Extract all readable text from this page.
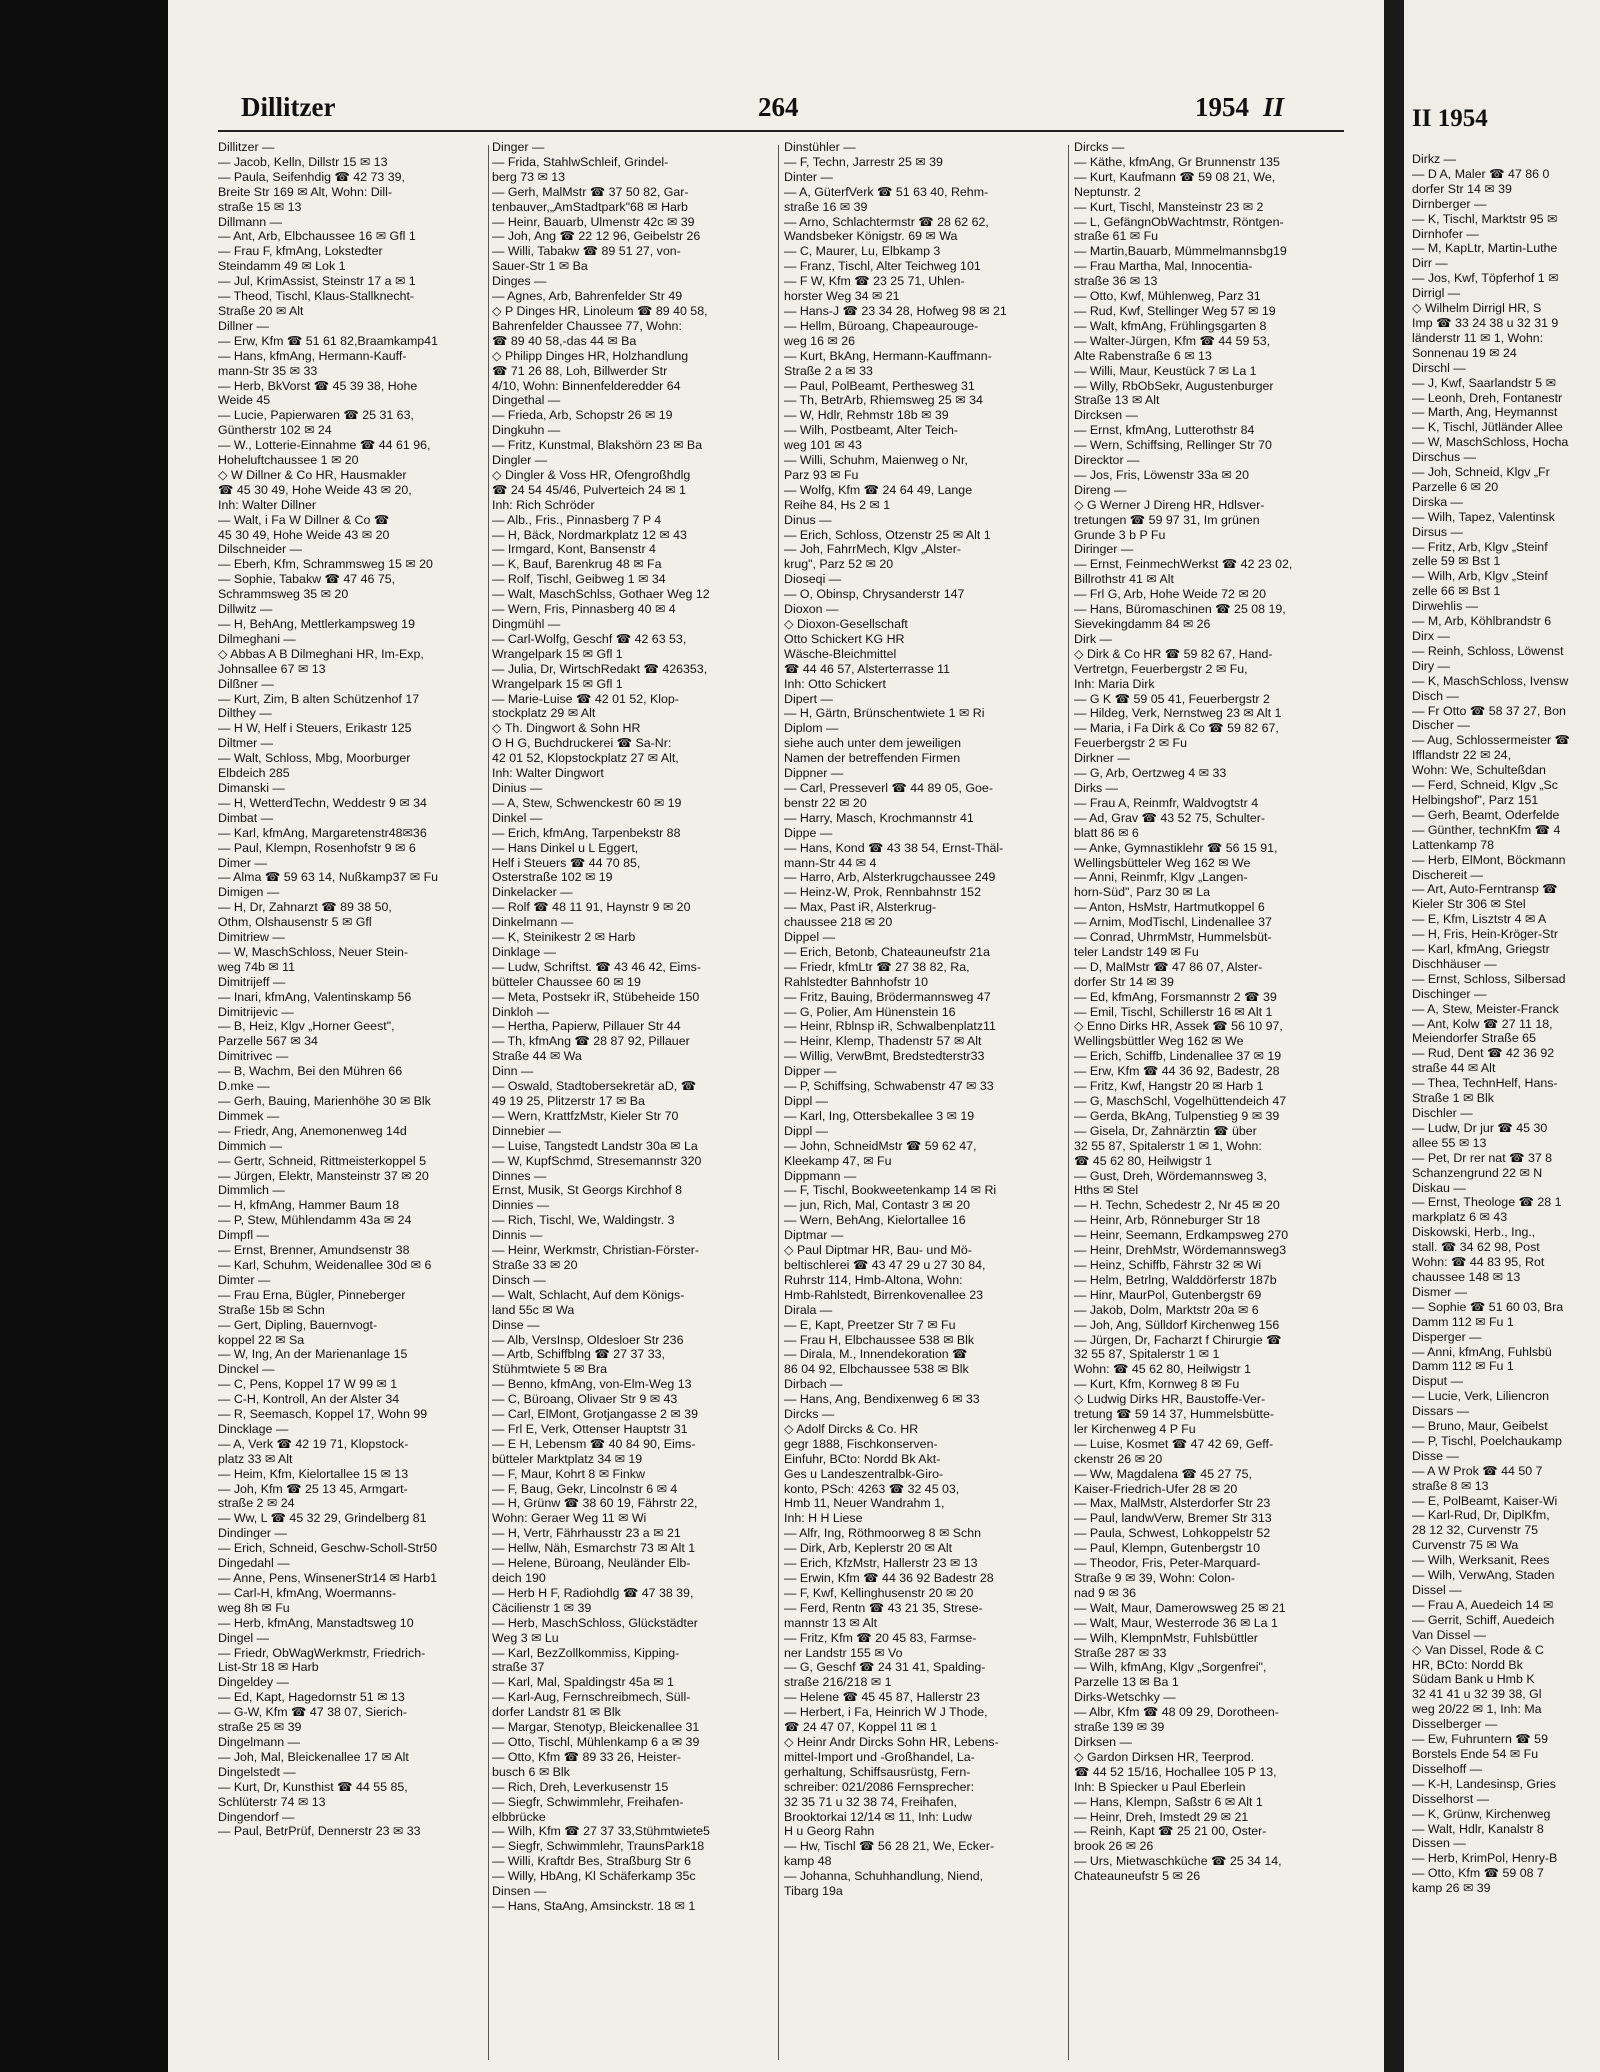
Dillitzer	264	1954 II
Dillitzer —
— Jacob, Kelln, Dillstr 15 ✉ 13
— Paula, Seifenhdig ☎ 42 73 39,
Breite Str 169 ✉ Alt, Wohn: Dill-
straße 15 ✉ 13
Dillmann —
— Ant, Arb, Elbchaussee 16 ✉ Gfl 1
— Frau F, kfmAng, Lokstedter
Steindamm 49 ✉ Lok 1
— Jul, KrimAssist, Steinstr 17 a ✉ 1
— Theod, Tischl, Klaus-Stallknecht-
Straße 20 ✉ Alt
Dillner —
— Erw, Kfm ☎ 51 61 82,Braamkamp41
— Hans, kfmAng, Hermann-Kauff-
mann-Str 35 ✉ 33
— Herb, BkVorst ☎ 45 39 38, Hohe
Weide 45
— Lucie, Papierwaren ☎ 25 31 63,
Güntherstr 102 ✉ 24
— W., Lotterie-Einnahme ☎ 44 61 96,
Hoheluftchaussee 1 ✉ 20
◇ W Dillner & Co HR, Hausmakler
☎ 45 30 49, Hohe Weide 43 ✉ 20,
Inh: Walter Dillner
— Walt, i Fa W Dillner & Co ☎
45 30 49, Hohe Weide 43 ✉ 20
Dilschneider —
— Eberh, Kfm, Schrammsweg 15 ✉ 20
— Sophie, Tabakw ☎ 47 46 75,
Schrammsweg 35 ✉ 20
Dillwitz —
— H, BehAng, Mettlerkampsweg 19
Dilmeghani —
◇ Abbas A B Dilmeghani HR, Im-Exp,
Johnsallee 67 ✉ 13
Dilßner —
— Kurt, Zim, B alten Schützenhof 17
Dilthey —
— H W, Helf i Steuers, Erikastr 125
Diltmer —
— Walt, Schloss, Mbg, Moorburger
Elbdeich 285
Dimanski —
— H, WetterdTechn, Weddestr 9 ✉ 34
Dimbat —
— Karl, kfmAng, Margaretenstr48✉36
— Paul, Klempn, Rosenhofstr 9 ✉ 6
Dimer —
— Alma ☎ 59 63 14, Nußkamp37 ✉ Fu
Dimigen —
— H, Dr, Zahnarzt ☎ 89 38 50,
Othm, Olshausenstr 5 ✉ Gfl
Dimitriew —
— W, MaschSchloss, Neuer Stein-
weg 74b ✉ 11
Dimitrijeff —
— Inari, kfmAng, Valentinskamp 56
Dimitrijevic —
— B, Heiz, Klgv „Horner Geest",
Parzelle 567 ✉ 34
Dimitrivec —
— B, Wachm, Bei den Mühren 66
D.mke —
— Gerh, Bauing, Marienhöhe 30 ✉ Blk
Dimmek —
— Friedr, Ang, Anemonenweg 14d
Dimmich —
— Gertr, Schneid, Rittmeisterkoppel 5
— Jürgen, Elektr, Mansteinstr 37 ✉ 20
Dimmlich —
— H, kfmAng, Hammer Baum 18
— P, Stew, Mühlendamm 43a ✉ 24
Dimpfl —
— Ernst, Brenner, Amundsenstr 38
— Karl, Schuhm, Weidenallee 30d ✉ 6
Dimter —
— Frau Erna, Bügler, Pinneberger
Straße 15b ✉ Schn
— Gert, Dipling, Bauernvogt-
koppel 22 ✉ Sa
— W, Ing, An der Marienanlage 15
Dinckel —
— C, Pens, Koppel 17 W 99 ✉ 1
— C-H, Kontroll, An der Alster 34
— R, Seemasch, Koppel 17, Wohn 99
Dincklage —
— A, Verk ☎ 42 19 71, Klopstock-
platz 33 ✉ Alt
— Heim, Kfm, Kielortallee 15 ✉ 13
— Joh, Kfm ☎ 25 13 45, Armgart-
straße 2 ✉ 24
— Ww, L ☎ 45 32 29, Grindelberg 81
Dindinger —
— Erich, Schneid, Geschw-Scholl-Str50
Dingedahl —
— Anne, Pens, WinsenerStr14 ✉ Harb1
— Carl-H, kfmAng, Woermanns-
weg 8h ✉ Fu
— Herb, kfmAng, Manstadtsweg 10
Dingel —
— Friedr, ObWagWerkmstr, Friedrich-
List-Str 18 ✉ Harb
Dingeldey —
— Ed, Kapt, Hagedornstr 51 ✉ 13
— G-W, Kfm ☎ 47 38 07, Sierich-
straße 25 ✉ 39
Dingelmann —
— Joh, Mal, Bleickenallee 17 ✉ Alt
Dingelstedt —
— Kurt, Dr, Kunsthist ☎ 44 55 85,
Schlüterstr 74 ✉ 13
Dingendorf —
— Paul, BetrPrüf, Dennerstr 23 ✉ 33
Dinger —
— Frida, StahlwSchleif, Grindel-
berg 73 ✉ 13
— Gerh, MalMstr ☎ 37 50 82, Gar-
tenbauver,„AmStadtpark"68 ✉ Harb
— Heinr, Bauarb, Ulmenstr 42c ✉ 39
— Joh, Ang ☎ 22 12 96, Geibelstr 26
— Willi, Tabakw ☎ 89 51 27, von-
Sauer-Str 1 ✉ Ba
Dinges —
— Agnes, Arb, Bahrenfelder Str 49
◇ P Dinges HR, Linoleum ☎ 89 40 58,
Bahrenfelder Chaussee 77, Wohn:
☎ 89 40 58,-das 44 ✉ Ba
◇ Philipp Dinges HR, Holzhandlung
☎ 71 26 88, Loh, Billwerder Str
4/10, Wohn: Binnenfelderedder 64
Dingethal —
— Frieda, Arb, Schopstr 26 ✉ 19
Dingkuhn —
— Fritz, Kunstmal, Blakshörn 23 ✉ Ba
Dingler —
◇ Dingler & Voss HR, Ofengroßhdlg
☎ 24 54 45/46, Pulverteich 24 ✉ 1
Inh: Rich Schröder
— Alb., Fris., Pinnasberg 7 P 4
— H, Bäck, Nordmarkplatz 12 ✉ 43
— Irmgard, Kont, Bansenstr 4
— K, Bauf, Barenkrug 48 ✉ Fa
— Rolf, Tischl, Geibweg 1 ✉ 34
— Walt, MaschSchlss, Gothaer Weg 12
— Wern, Fris, Pinnasberg 40 ✉ 4
Dingmühl —
— Carl-Wolfg, Geschf ☎ 42 63 53,
Wrangelpark 15 ✉ Gfl 1
— Julia, Dr, WirtschRedakt ☎ 426353,
Wrangelpark 15 ✉ Gfl 1
— Marie-Luise ☎ 42 01 52, Klop-
stockplatz 29 ✉ Alt
◇ Th. Dingwort & Sohn HR
O H G, Buchdruckerei ☎ Sa-Nr:
42 01 52, Klopstockplatz 27 ✉ Alt,
Inh: Walter Dingwort
Dinius —
— A, Stew, Schwenckestr 60 ✉ 19
Dinkel —
— Erich, kfmAng, Tarpenbekstr 88
— Hans Dinkel u L Eggert,
Helf i Steuers ☎ 44 70 85,
Osterstraße 102 ✉ 19
Dinkelacker —
— Rolf ☎ 48 11 91, Haynstr 9 ✉ 20
Dinkelmann —
— K, Steinikestr 2 ✉ Harb
Dinklage —
— Ludw, Schriftst. ☎ 43 46 42, Eims-
bütteler Chaussee 60 ✉ 19
— Meta, Postsekr iR, Stübeheide 150
Dinkloh —
— Hertha, Papierw, Pillauer Str 44
— Th, kfmAng ☎ 28 87 92, Pillauer
Straße 44 ✉ Wa
Dinn —
— Oswald, Stadtobersekretär aD, ☎
49 19 25, Plitzerstr 17 ✉ Ba
— Wern, KrattfzMstr, Kieler Str 70
Dinnebier —
— Luise, Tangstedt Landstr 30a ✉ La
— W, KupfSchmd, Stresemannstr 320
Dinnes —
Ernst, Musik, St Georgs Kirchhof 8
Dinnies —
— Rich, Tischl, We, Waldingstr. 3
Dinnis —
— Heinr, Werkmstr, Christian-Förster-
Straße 33 ✉ 20
Dinsch —
— Walt, Schlacht, Auf dem Königs-
land 55c ✉ Wa
Dinse —
— Alb, VersInsp, Oldesloer Str 236
— Artb, Schiffblng ☎ 27 37 33,
Stühmtwiete 5 ✉ Bra
— Benno, kfmAng, von-Elm-Weg 13
— C, Büroang, Olivaer Str 9 ✉ 43
— Carl, ElMont, Grotjangasse 2 ✉ 39
— Frl E, Verk, Ottenser Hauptstr 31
— E H, Lebensm ☎ 40 84 90, Eims-
bütteler Marktplatz 34 ✉ 19
— F, Maur, Kohrt 8 ✉ Finkw
— F, Baug, Gekr, Lincolnstr 6 ✉ 4
— H, Grünw ☎ 38 60 19, Fährstr 22,
Wohn: Geraer Weg 11 ✉ Wi
— H, Vertr, Fährhausstr 23 a ✉ 21
— Hellw, Näh, Esmarchstr 73 ✉ Alt 1
— Helene, Büroang, Neuländer Elb-
deich 190
— Herb H F, Radiohdlg ☎ 47 38 39,
Cäcilienstr 1 ✉ 39
— Herb, MaschSchloss, Glückstädter
Weg 3 ✉ Lu
— Karl, BezZollkommiss, Kipping-
straße 37
— Karl, Mal, Spaldingstr 45a ✉ 1
— Karl-Aug, Fernschreibmech, Süll-
dorfer Landstr 81 ✉ Blk
— Margar, Stenotyp, Bleickenallee 31
— Otto, Tischl, Mühlenkamp 6 a ✉ 39
— Otto, Kfm ☎ 89 33 26, Heister-
busch 6 ✉ Blk
— Rich, Dreh, Leverkusenstr 15
— Siegfr, Schwimmlehr, Freihafen-
elbbrücke
— Wilh, Kfm ☎ 27 37 33,Stühmtwiete5
— Siegfr, Schwimmlehr, TraunsPark18
— Willi, Kraftdr Bes, Straßburg Str 6
— Willy, HbAng, Kl Schäferkamp 35c
Dinsen —
— Hans, StaAng, Amsinckstr. 18 ✉ 1
Dinstühler —
— F, Techn, Jarrestr 25 ✉ 39
Dinter —
— A, GüterfVerk ☎ 51 63 40, Rehm-
straße 16 ✉ 39
— Arno, Schlachtermstr ☎ 28 62 62,
Wandsbeker Königstr. 69 ✉ Wa
— C, Maurer, Lu, Elbkamp 3
— Franz, Tischl, Alter Teichweg 101
— F W, Kfm ☎ 23 25 71, Uhlen-
horster Weg 34 ✉ 21
— Hans-J ☎ 23 34 28, Hofweg 98 ✉ 21
— Hellm, Büroang, Chapeaurouge-
weg 16 ✉ 26
— Kurt, BkAng, Hermann-Kauffmann-
Straße 2 a ✉ 33
— Paul, PolBeamt, Perthesweg 31
— Th, BetrArb, Rhiemsweg 25 ✉ 34
— W, Hdlr, Rehmstr 18b ✉ 39
— Wilh, Postbeamt, Alter Teich-
weg 101 ✉ 43
— Willi, Schuhm, Maienweg o Nr,
Parz 93 ✉ Fu
— Wolfg, Kfm ☎ 24 64 49, Lange
Reihe 84, Hs 2 ✉ 1
Dinus —
— Erich, Schloss, Otzenstr 25 ✉ Alt 1
— Joh, FahrrMech, Klgv „Alster-
krug", Parz 52 ✉ 20
Dioseqi —
— O, Obinsp, Chrysanderstr 147
Dioxon —
◇ Dioxon-Gesellschaft
Otto Schickert KG HR
Wäsche-Bleichmittel
☎ 44 46 57, Alsterterrasse 11
Inh: Otto Schickert
Dipert —
— H, Gärtn, Brünschentwiete 1 ✉ Ri
Diplom —
siehe auch unter dem jeweiligen
Namen der betreffenden Firmen
Dippner —
— Carl, Presseverl ☎ 44 89 05, Goe-
benstr 22 ✉ 20
— Harry, Masch, Krochmannstr 41
Dippe —
— Hans, Kond ☎ 43 38 54, Ernst-Thäl-
mann-Str 44 ✉ 4
— Harro, Arb, Alsterkrugchaussee 249
— Heinz-W, Prok, Rennbahnstr 152
— Max, Past iR, Alsterkrug-
chaussee 218 ✉ 20
Dippel —
— Erich, Betonb, Chateauneufstr 21a
— Friedr, kfmLtr ☎ 27 38 82, Ra,
Rahlstedter Bahnhofstr 10
— Fritz, Bauing, Brödermannsweg 47
— G, Polier, Am Hünenstein 16
— Heinr, Rblnsp iR, Schwalbenplatz11
— Heinr, Klemp, Thadenstr 57 ✉ Alt
— Willig, VerwBmt, Bredstedterstr33
Dipper —
— P, Schiffsing, Schwabenstr 47 ✉ 33
Dippl —
— Karl, Ing, Ottersbekallee 3 ✉ 19
Dippl —
— John, SchneidMstr ☎ 59 62 47,
Kleekamp 47, ✉ Fu
Dippmann —
— F, Tischl, Bookweetenkamp 14 ✉ Ri
— jun, Rich, Mal, Contastr 3 ✉ 20
— Wern, BehAng, Kielortallee 16
Diptmar —
◇ Paul Diptmar HR, Bau- und Mö-
beltischlerei ☎ 43 47 29 u 27 30 84,
Ruhrstr 114, Hmb-Altona, Wohn:
Hmb-Rahlstedt, Birrenkovenallee 23
Dirala —
— E, Kapt, Preetzer Str 7 ✉ Fu
— Frau H, Elbchaussee 538 ✉ Blk
— Dirala, M., Innendekoration ☎
86 04 92, Elbchaussee 538 ✉ Blk
Dirbach —
— Hans, Ang, Bendixenweg 6 ✉ 33
Dircks —
◇ Adolf Dircks & Co. HR
gegr 1888, Fischkonserven-
Einfuhr, BCto: Nordd Bk Akt-
Ges u Landeszentralbk-Giro-
konto, PSch: 4263 ☎ 32 45 03,
Hmb 11, Neuer Wandrahm 1,
Inh: H H Liese
— Alfr, Ing, Röthmoorweg 8 ✉ Schn
— Dirk, Arb, Keplerstr 20 ✉ Alt
— Erich, KfzMstr, Hallerstr 23 ✉ 13
— Erwin, Kfm ☎ 44 36 92 Badestr 28
— F, Kwf, Kellinghusenstr 20 ✉ 20
— Ferd, Rentn ☎ 43 21 35, Strese-
mannstr 13 ✉ Alt
— Fritz, Kfm ☎ 20 45 83, Farmse-
ner Landstr 155 ✉ Vo
— G, Geschf ☎ 24 31 41, Spalding-
straße 216/218 ✉ 1
— Helene ☎ 45 45 87, Hallerstr 23
— Herbert, i Fa, Heinrich W J Thode,
☎ 24 47 07, Koppel 11 ✉ 1
◇ Heinr Andr Dircks Sohn HR, Lebens-
mittel-Import und -Großhandel, La-
gerhaltung, Schiffsausrüstg, Fern-
schreiber: 021/2086 Fernsprecher:
32 35 71 u 32 38 74, Freihafen,
Brooktorkai 12/14 ✉ 11, Inh: Ludw
H u Georg Rahn
— Hw, Tischl ☎ 56 28 21, We, Ecker-
kamp 48
— Johanna, Schuhhandlung, Niend,
Tibarg 19a
Dircks —
— Käthe, kfmAng, Gr Brunnenstr 135
— Kurt, Kaufmann ☎ 59 08 21, We,
Neptunstr. 2
— Kurt, Tischl, Mansteinstr 23 ✉ 2
— L, GefängnObWachtmstr, Röntgen-
straße 61 ✉ Fu
— Martin,Bauarb, Mümmelmannsbg19
— Frau Martha, Mal, Innocentia-
straße 36 ✉ 13
— Otto, Kwf, Mühlenweg, Parz 31
— Rud, Kwf, Stellinger Weg 57 ✉ 19
— Walt, kfmAng, Frühlingsgarten 8
— Walter-Jürgen, Kfm ☎ 44 59 53,
Alte Rabenstraße 6 ✉ 13
— Willi, Maur, Keustück 7 ✉ La 1
— Willy, RbObSekr, Augustenburger
Straße 13 ✉ Alt
Dircksen —
— Ernst, kfmAng, Lutterothstr 84
— Wern, Schiffsing, Rellinger Str 70
Direcktor —
— Jos, Fris, Löwenstr 33a ✉ 20
Direng —
◇ G Werner J Direng HR, Hdlsver-
tretungen ☎ 59 97 31, Im grünen
Grunde 3 b P Fu
Diringer —
— Ernst, FeinmechWerkst ☎ 42 23 02,
Billrothstr 41 ✉ Alt
— Frl G, Arb, Hohe Weide 72 ✉ 20
— Hans, Büromaschinen ☎ 25 08 19,
Sievekingdamm 84 ✉ 26
Dirk —
◇ Dirk & Co HR ☎ 59 82 67, Hand-
Vertretgn, Feuerbergstr 2 ✉ Fu,
Inh: Maria Dirk
— G K ☎ 59 05 41, Feuerbergstr 2
— Hildeg, Verk, Nernstweg 23 ✉ Alt 1
— Maria, i Fa Dirk & Co ☎ 59 82 67,
Feuerbergstr 2 ✉ Fu
Dirkner —
— G, Arb, Oertzweg 4 ✉ 33
Dirks —
— Frau A, Reinmfr, Waldvogtstr 4
— Ad, Grav ☎ 43 52 75, Schulter-
blatt 86 ✉ 6
— Anke, Gymnastiklehr ☎ 56 15 91,
Wellingsbütteler Weg 162 ✉ We
— Anni, Reinmfr, Klgv „Langen-
horn-Süd", Parz 30 ✉ La
— Anton, HsMstr, Hartmutkoppel 6
— Arnim, ModTischl, Lindenallee 37
— Conrad, UhrmMstr, Hummelsbüt-
teler Landstr 149 ✉ Fu
— D, MalMstr ☎ 47 86 07, Alster-
dorfer Str 14 ✉ 39
— Ed, kfmAng, Forsmannstr 2 ☎ 39
— Emil, Tischl, Schillerstr 16 ✉ Alt 1
◇ Enno Dirks HR, Assek ☎ 56 10 97,
Wellingsbüttler Weg 162 ✉ We
— Erich, Schiffb, Lindenallee 37 ✉ 19
— Erw, Kfm ☎ 44 36 92, Badestr, 28
— Fritz, Kwf, Hangstr 20 ✉ Harb 1
— G, MaschSchl, Vogelhüttendeich 47
— Gerda, BkAng, Tulpenstieg 9 ✉ 39
— Gisela, Dr, Zahnärztin ☎ über
32 55 87, Spitalerstr 1 ✉ 1, Wohn:
☎ 45 62 80, Heilwigstr 1
— Gust, Dreh, Wördemannsweg 3,
Hths ✉ Stel
— H. Techn, Schedestr 2, Nr 45 ✉ 20
— Heinr, Arb, Rönneburger Str 18
— Heinr, Seemann, Erdkampsweg 270
— Heinr, DrehMstr, Wördemannsweg3
— Heinz, Schiffb, Fährstr 32 ✉ Wi
— Helm, Betrlng, Walddörferstr 187b
— Hinr, MaurPol, Gutenbergstr 69
— Jakob, Dolm, Marktstr 20a ✉ 6
— Joh, Ang, Sülldorf Kirchenweg 156
— Jürgen, Dr, Facharzt f Chirurgie ☎
32 55 87, Spitalerstr 1 ✉ 1
Wohn: ☎ 45 62 80, Heilwigstr 1
— Kurt, Kfm, Kornweg 8 ✉ Fu
◇ Ludwig Dirks HR, Baustoffe-Ver-
tretung ☎ 59 14 37, Hummelsbütte-
ler Kirchenweg 4 P Fu
— Luise, Kosmet ☎ 47 42 69, Geff-
ckenstr 26 ✉ 20
— Ww, Magdalena ☎ 45 27 75,
Kaiser-Friedrich-Ufer 28 ✉ 20
— Max, MalMstr, Alsterdorfer Str 23
— Paul, landwVerw, Bremer Str 313
— Paula, Schwest, Lohkoppelstr 52
— Paul, Klempn, Gutenbergstr 10
— Theodor, Fris, Peter-Marquard-
Straße 9 ✉ 39, Wohn: Colon-
nad 9 ✉ 36
— Walt, Maur, Damerowsweg 25 ✉ 21
— Walt, Maur, Westerrode 36 ✉ La 1
— Wilh, KlempnMstr, Fuhlsbüttler
Straße 287 ✉ 33
— Wilh, kfmAng, Klgv „Sorgenfrei",
Parzelle 13 ✉ Ba 1
Dirks-Wetschky —
— Albr, Kfm ☎ 48 09 29, Dorotheen-
straße 139 ✉ 39
Dirksen —
◇ Gardon Dirksen HR, Teerprod.
☎ 44 52 15/16, Hochallee 105 P 13,
Inh: B Spiecker u Paul Eberlein
— Hans, Klempn, Saßstr 6 ✉ Alt 1
— Heinr, Dreh, Imstedt 29 ✉ 21
— Reinh, Kapt ☎ 25 21 00, Oster-
brook 26 ✉ 26
— Urs, Mietwaschküche ☎ 25 34 14,
Chateauneufstr 5 ✉ 26
II 1954
Dirkz —
— D A, Maler ☎ 47 86 0
dorfer Str 14 ✉ 39
Dirnberger —
— K, Tischl, Marktstr 95 ✉
Dirnhofer —
— M, KapLtr, Martin-Luthe
Dirr —
— Jos, Kwf, Töpferhof 1 ✉
Dirrigl —
◇ Wilhelm Dirrigl HR, S
Imp ☎ 33 24 38 u 32 31 9
länderstr 11 ✉ 1, Wohn:
Sonnenau 19 ✉ 24
Dirschl —
— J, Kwf, Saarlandstr 5 ✉
— Leonh, Dreh, Fontanestr
— Marth, Ang, Heymannst
— K, Tischl, Jütländer Allee
— W, MaschSchloss, Hocha
Dirschus —
— Joh, Schneid, Klgv „Fr
Parzelle 6 ✉ 20
Dirska —
— Wilh, Tapez, Valentinsk
Dirsus —
— Fritz, Arb, Klgv „Steinf
zelle 59 ✉ Bst 1
— Wilh, Arb, Klgv „Steinf
zelle 66 ✉ Bst 1
Dirwehlis —
— M, Arb, Köhlbrandstr 6
Dirx —
— Reinh, Schloss, Löwenst
Diry —
— K, MaschSchloss, Ivensw
Disch —
— Fr Otto ☎ 58 37 27, Bon
Discher —
— Aug, Schlossermeister ☎
Ifflandstr 22 ✉ 24,
Wohn: We, Schulteßdan
— Ferd, Schneid, Klgv „Sc
Helbingshof", Parz 151
— Gerh, Beamt, Oderfelde
— Günther, technKfm ☎ 4
Lattenkamp 78
— Herb, ElMont, Böckmann
Dischereit —
— Art, Auto-Ferntransp ☎
Kieler Str 306 ✉ Stel
— E, Kfm, Lisztstr 4 ✉ A
— H, Fris, Hein-Kröger-Str
— Karl, kfmAng, Griegstr
Dischhäuser —
— Ernst, Schloss, Silbersad
Dischinger —
— A, Stew, Meister-Franck
— Ant, Kolw ☎ 27 11 18,
Meiendorfer Straße 65
— Rud, Dent ☎ 42 36 92
straße 44 ✉ Alt
— Thea, TechnHelf, Hans-
Straße 1 ✉ Blk
Dischler —
— Ludw, Dr jur ☎ 45 30
allee 55 ✉ 13
— Pet, Dr rer nat ☎ 37 8
Schanzengrund 22 ✉ N
Diskau —
— Ernst, Theologe ☎ 28 1
markplatz 6 ✉ 43
Diskowski, Herb., Ing.,
stall. ☎ 34 62 98, Post
Wohn: ☎ 44 83 95, Rot
chaussee 148 ✉ 13
Dismer —
— Sophie ☎ 51 60 03, Bra
Damm 112 ✉ Fu 1
Disperger —
— Anni, kfmAng, Fuhlsbü
Damm 112 ✉ Fu 1
Disput —
— Lucie, Verk, Liliencron
Dissars —
— Bruno, Maur, Geibelst
— P, Tischl, Poelchaukamp
Disse —
— A W Prok ☎ 44 50 7
straße 8 ✉ 13
— E, PolBeamt, Kaiser-Wi
— Karl-Rud, Dr, DiplKfm,
28 12 32, Curvenstr 75
Curvenstr 75 ✉ Wa
— Wilh, Werksanit, Rees
— Wilh, VerwAng, Staden
Dissel —
— Frau A, Auedeich 14 ✉
— Gerrit, Schiff, Auedeich
Van Dissel —
◇ Van Dissel, Rode & C
HR, BCto: Nordd Bk
Südam Bank u Hmb K
32 41 41 u 32 39 38, Gl
weg 20/22 ✉ 1, Inh: Ma
Disselberger —
— Ew, Fuhruntern ☎ 59
Borstels Ende 54 ✉ Fu
Disselhoff —
— K-H, Landesinsp, Gries
Disselhorst —
— K, Grünw, Kirchenweg
— Walt, Hdlr, Kanalstr 8
Dissen —
— Herb, KrimPol, Henry-B
— Otto, Kfm ☎ 59 08 7
kamp 26 ✉ 39
